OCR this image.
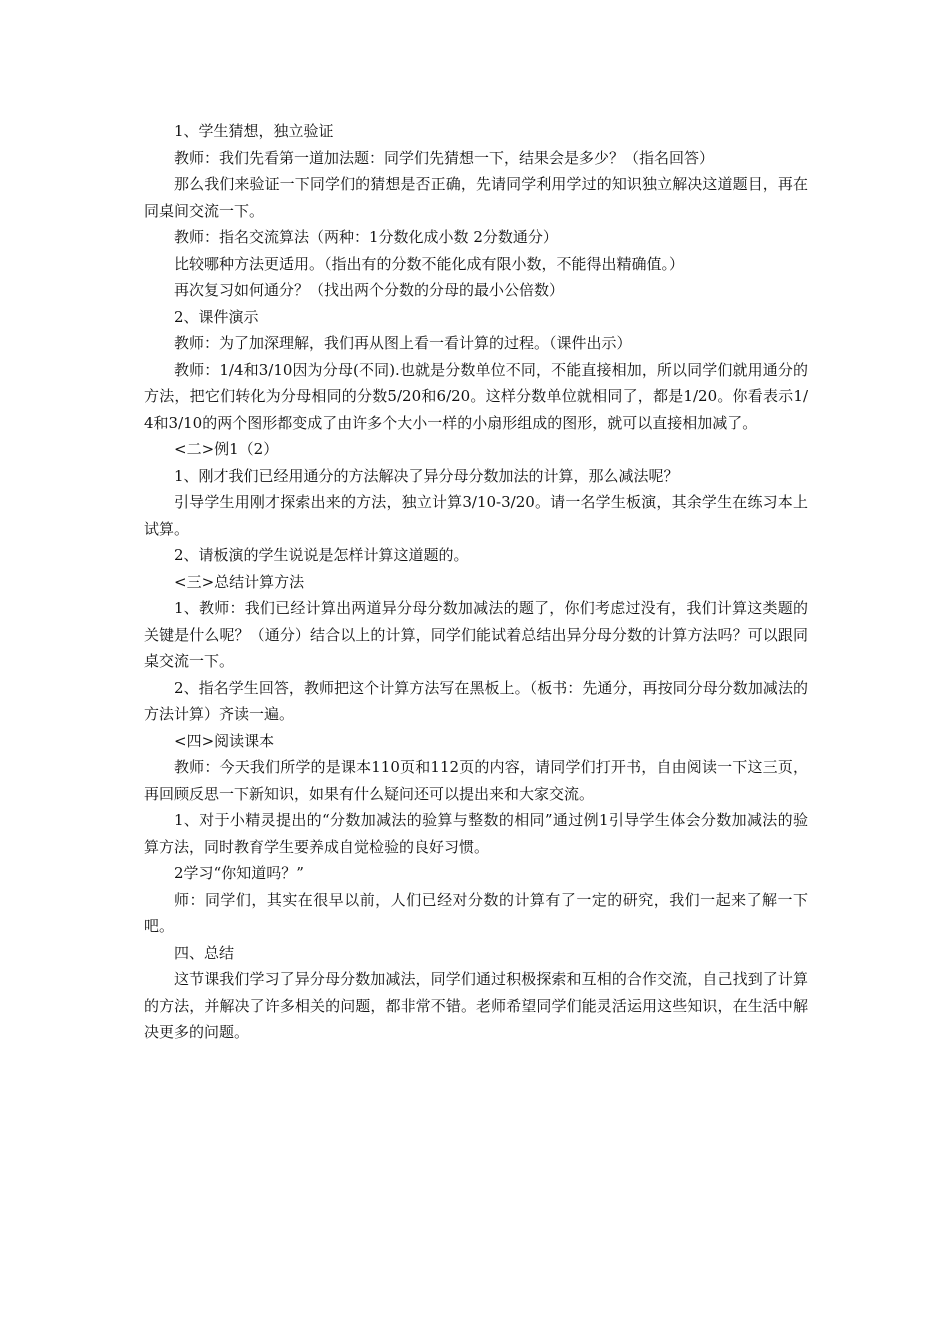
1、学生猜想，独立验证

教师：我们先看第一道加法题：同学们先猜想一下，结果会是多少？（指名回答）

那么我们来验证一下同学们的猜想是否正确，先请同学利用学过的知识独立解决这道题目，再在同桌间交流一下。

教师：指名交流算法（两种：1分数化成小数 2分数通分）

比较哪种方法更适用。（指出有的分数不能化成有限小数，不能得出精确值。）

再次复习如何通分？（找出两个分数的分母的最小公倍数）

2、课件演示

教师：为了加深理解，我们再从图上看一看计算的过程。（课件出示）

教师：1/4和3/10因为分母(不同).也就是分数单位不同，不能直接相加，所以同学们就用通分的方法，把它们转化为分母相同的分数5/20和6/20。这样分数单位就相同了，都是1/20。你看表示1/4和3/10的两个图形都变成了由许多个大小一样的小扇形组成的图形，就可以直接相加减了。

<二>例1（2）

1、刚才我们已经用通分的方法解决了异分母分数加法的计算，那么减法呢？

引导学生用刚才探索出来的方法，独立计算3/10-3/20。请一名学生板演，其余学生在练习本上试算。

2、请板演的学生说说是怎样计算这道题的。

<三>总结计算方法

1、教师：我们已经计算出两道异分母分数加减法的题了，你们考虑过没有，我们计算这类题的关键是什么呢？（通分）结合以上的计算，同学们能试着总结出异分母分数的计算方法吗？可以跟同桌交流一下。

2、指名学生回答，教师把这个计算方法写在黑板上。（板书：先通分，再按同分母分数加减法的方法计算）齐读一遍。

<四>阅读课本

教师：今天我们所学的是课本110页和112页的内容，请同学们打开书，自由阅读一下这三页，再回顾反思一下新知识，如果有什么疑问还可以提出来和大家交流。

1、对于小精灵提出的“分数加减法的验算与整数的相同”通过例1引导学生体会分数加减法的验算方法，同时教育学生要养成自觉检验的良好习惯。

2学习“你知道吗？”

师：同学们，其实在很早以前，人们已经对分数的计算有了一定的研究，我们一起来了解一下吧。

四、总结

这节课我们学习了异分母分数加减法，同学们通过积极探索和互相的合作交流，自己找到了计算的方法，并解决了许多相关的问题，都非常不错。老师希望同学们能灵活运用这些知识，在生活中解决更多的问题。
